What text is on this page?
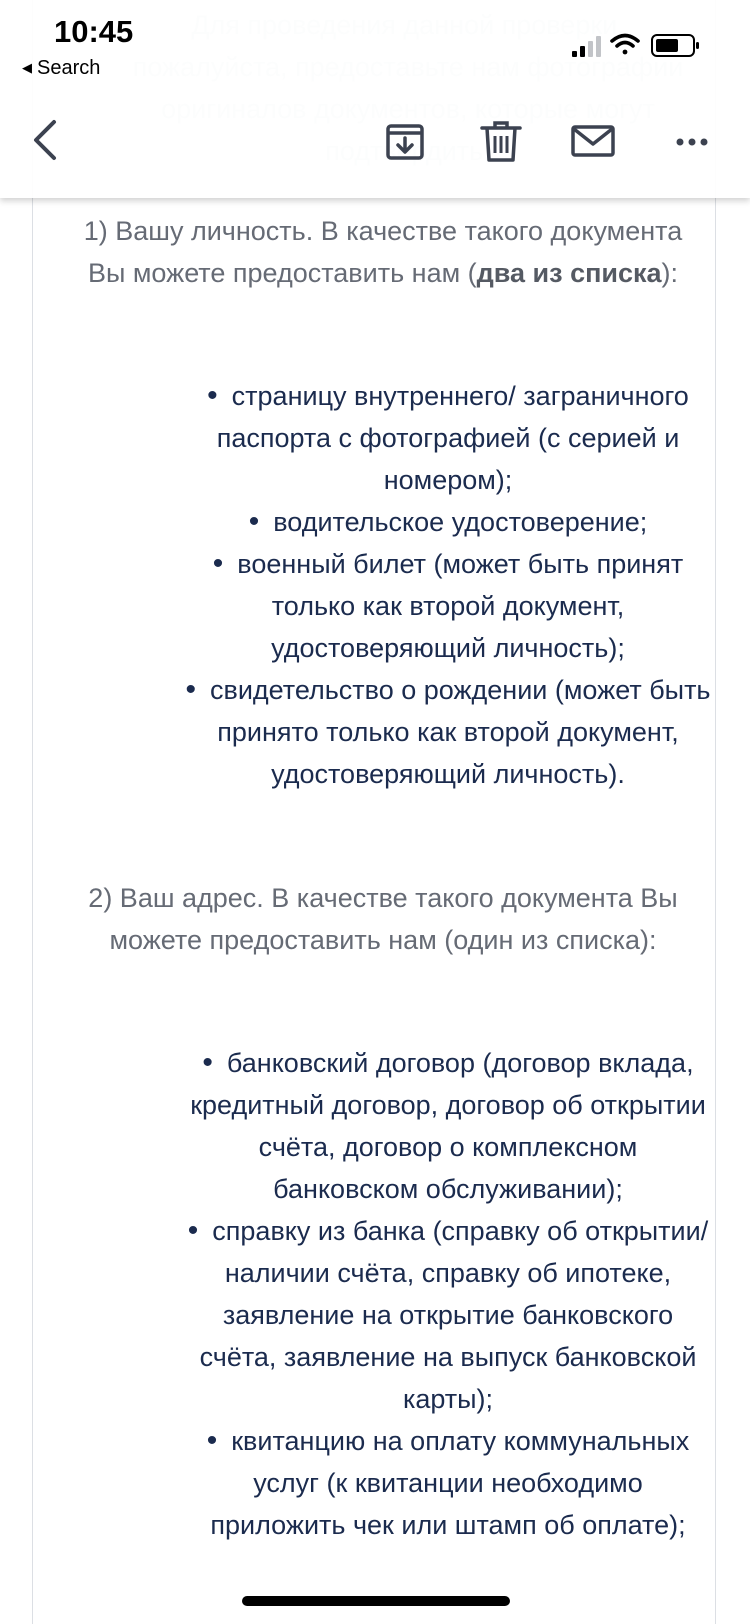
1) Вашу личность. В качестве такого документа Вы можете предоставить нам (два из списка):
• страницу внутреннего/ заграничного паспорта с фотографией (с серией и номером);
• водительское удостоверение;
• военный билет (может быть принят только как второй документ, удостоверяющий личность);
• свидетельство о рождении (может быть принято только как второй документ, удостоверяющий личность).
2) Ваш адрес. В качестве такого документа Вы можете предоставить нам (один из списка):
• банковский договор (договор вклада, кредитный договор, договор об открытии счёта, договор о комплексном банковском обслуживании);
• справку из банка (справку об открытии/наличии счёта, справку об ипотеке, заявление на открытие банковского счёта, заявление на выпуск банковской карты);
• квитанцию на оплату коммунальных услуг (к квитанции необходимо приложить чек или штамп об оплате);
10:45
◀ Search
